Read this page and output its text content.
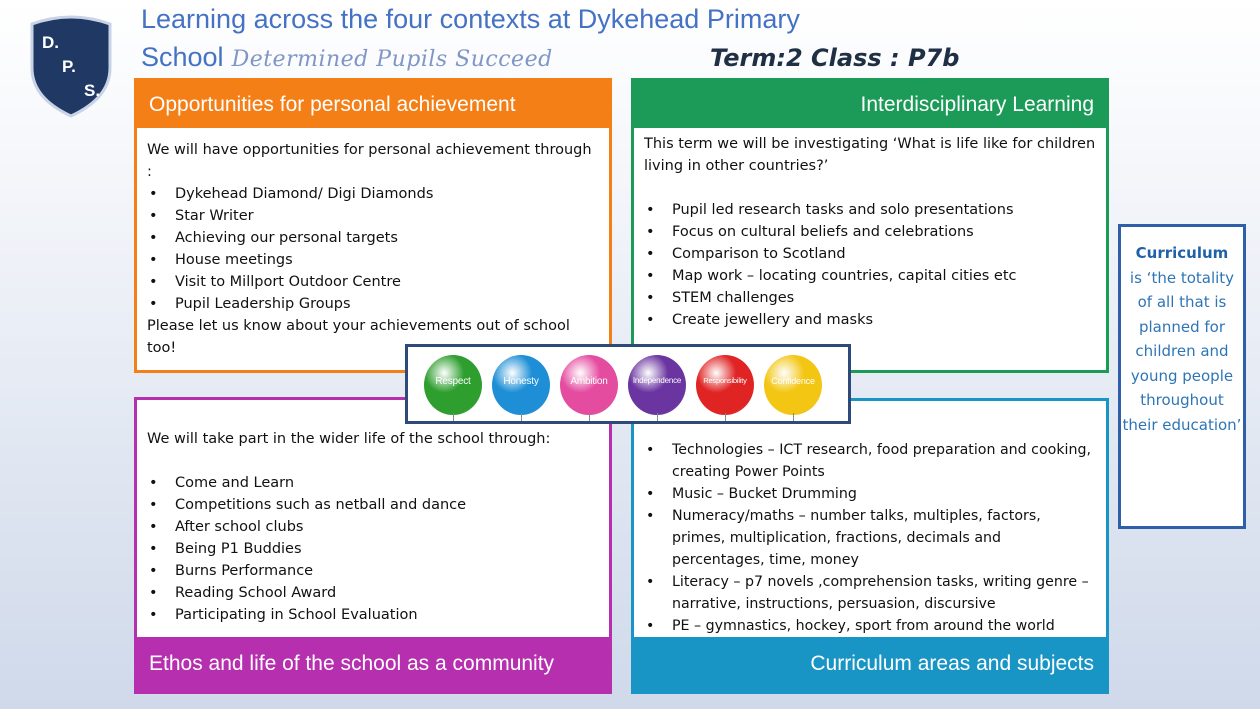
D.
P.
S.
Learning across the four contexts at Dykehead Primary
School Determined Pupils Succeed	Term:2 Class : P7b
Opportunities for personal achievement
We will have opportunities for personal achievement through :
• Dykehead Diamond/ Digi Diamonds
• Star Writer
• Achieving our personal targets
• House meetings
• Visit to Millport Outdoor Centre
• Pupil Leadership Groups
Please let us know about your achievements out of school too!
Interdisciplinary Learning
This term we will be investigating ‘What is life like for children living in other countries?’
• Pupil led research tasks and solo presentations
• Focus on cultural beliefs and celebrations
• Comparison to Scotland
• Map work – locating countries, capital cities etc
• STEM challenges
• Create jewellery and masks
We will take part in the wider life of the school through:
• Come and Learn
• Competitions such as netball and dance
• After school clubs
• Being P1 Buddies
• Burns Performance
• Reading School Award
• Participating in School Evaluation
Ethos and life of the school as a community
• Technologies – ICT research, food preparation and cooking, creating Power Points
• Music – Bucket Drumming
• Numeracy/maths – number talks, multiples, factors, primes, multiplication, fractions, decimals and percentages, time, money
• Literacy – p7 novels ,comprehension tasks, writing genre – narrative, instructions, persuasion, discursive
• PE – gymnastics, hockey, sport from around the world
Curriculum areas and subjects
Respect	Honesty	Ambition	Independence	Responsibility	Confidence
Curriculum
is ‘the totality of all that is planned for children and young people throughout their education’
